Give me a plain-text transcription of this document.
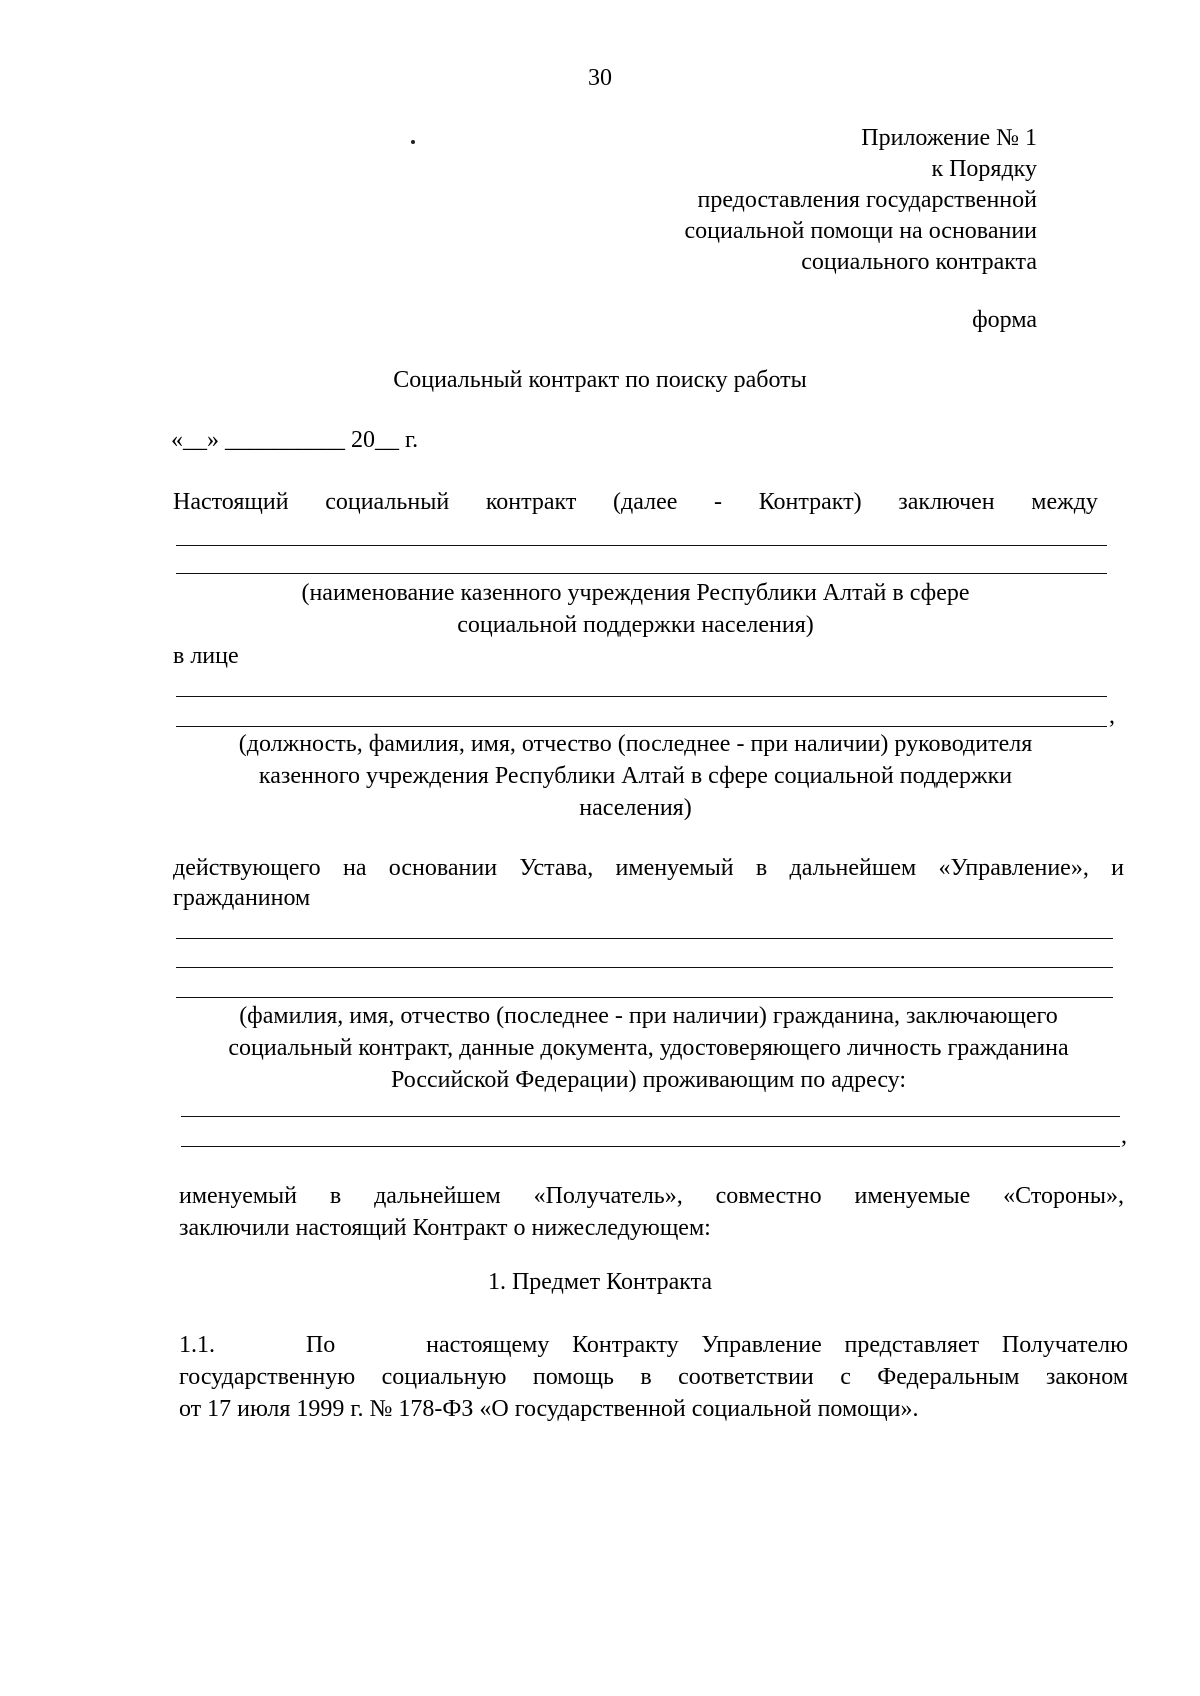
30
Приложение № 1
к Порядку
предоставления государственной
социальной помощи на основании
социального контракта
форма
Социальный контракт по поиску работы
«__» __________ 20__ г.
Настоящий социальный контракт (далее - Контракт) заключен между
(наименование казенного учреждения Республики Алтай в сфере
социальной поддержки населения)
в лице
,
(должность, фамилия, имя, отчество (последнее - при наличии) руководителя
казенного учреждения Республики Алтай в сфере социальной поддержки
населения)
действующего на основании Устава, именуемый в дальнейшем «Управление», и
гражданином
(фамилия, имя, отчество (последнее - при наличии) гражданина, заключающего
социальный контракт, данные документа, удостоверяющего личность гражданина
Российской Федерации) проживающим по адресу:
,
именуемый в дальнейшем «Получатель», совместно именуемые «Стороны»,
заключили настоящий Контракт о нижеследующем:
1. Предмет Контракта
1.1.    По    настоящему Контракту Управление представляет Получателю
государственную социальную помощь в соответствии с Федеральным законом
от 17 июля 1999 г. № 178-ФЗ «О государственной социальной помощи».
